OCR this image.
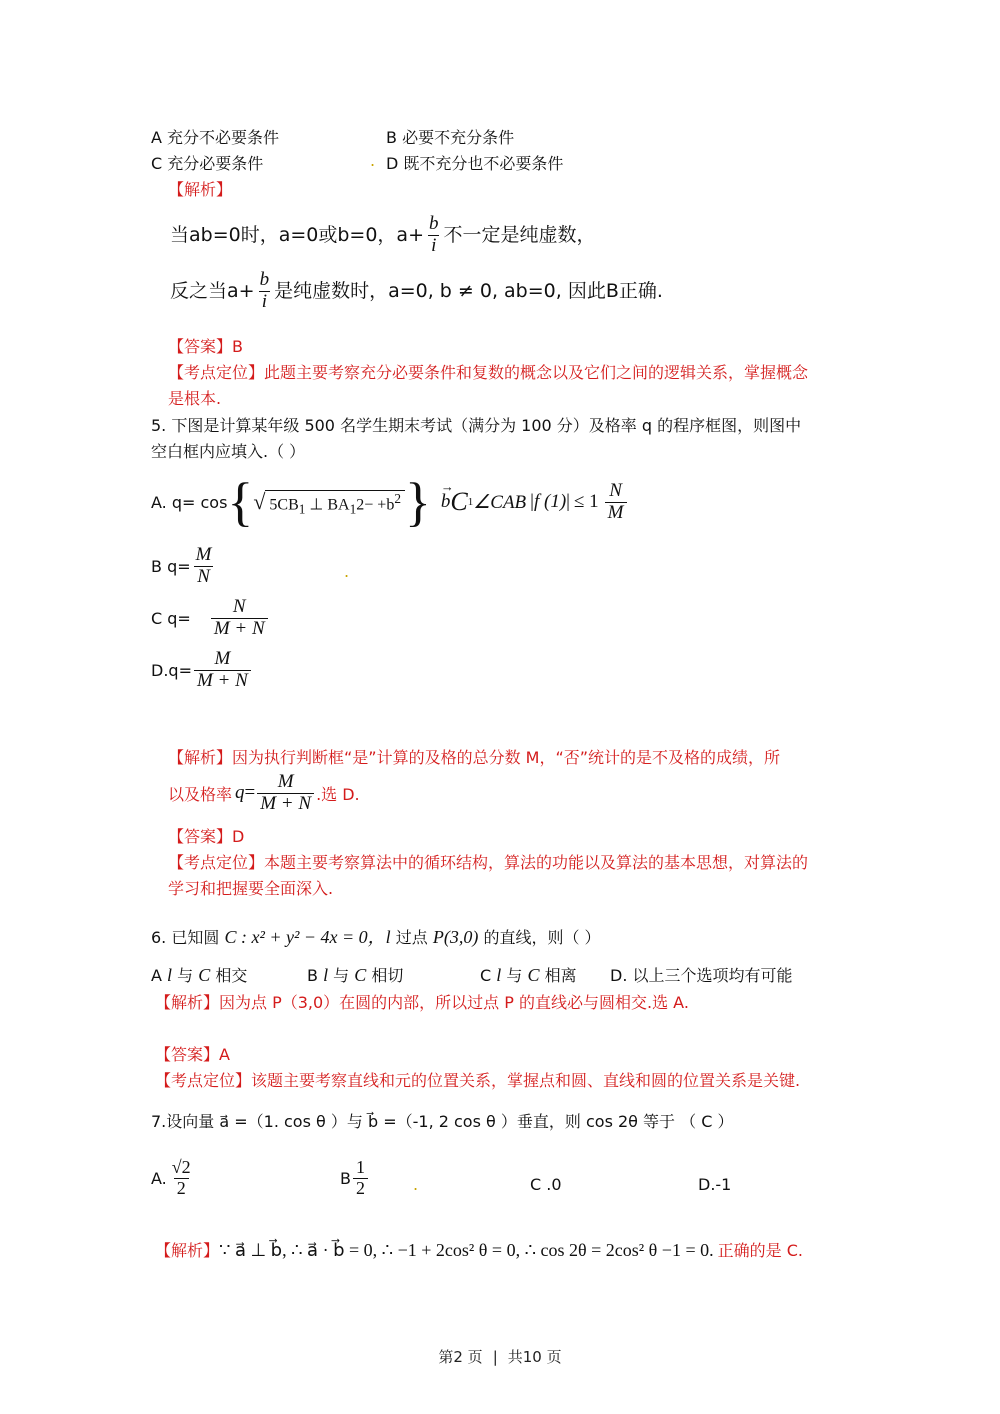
A 充分不必要条件	B 必要不充分条件
C 充分必要条件	. D 既不充分也不必要条件
【解析】
当ab=0时，a=0或b=0，$a+ \frac{b}{i}$ 不一定是纯虚数，
反之当$a+ \frac{b}{i}$ 是纯虚数时，a=0, b ≠ 0, ab=0, 因此B正确.
【答案】B
【考点定位】此题主要考察充分必要条件和复数的概念以及它们之间的逻辑关系，掌握概念
是根本.
5. 下图是计算某年级 500 名学生期末考试（满分为 100 分）及格率 q 的程序框图，则图中
空白框内应填入.（ ）
A. q= cos { √ $5CB_1$ ⊥ $BA_12- +b^2$ } →
b C 1 ∠CAB |f $(1)| \le 1 \frac{N}{M}$
B $q= \frac{M}{N}$	.
C $q= \frac{N}{M + N}$
$D.q= \frac{M}{M + N}$
【解析】因为执行判断框“是”计算的及格的总分数 M，“否”统计的是不及格的成绩，所
以及格率 $q = \frac{M}{M + N}$ .选 D.
【答案】D
【考点定位】本题主要考察算法中的循环结构，算法的功能以及算法的基本思想，对算法的
学习和把握要全面深入.
6. 已知圆 C : x² + y² − 4x = 0，l 过点 P(3,0) 的直线，则（ ）
A l 与 C 相交	B l 与 C 相切	C l 与 C 相离 D. 以上三个选项均有可能
【解析】因为点 P（3,0）在圆的内部，所以过点 P 的直线必与圆相交.选 A.
【答案】A
【考点定位】该题主要考察直线和元的位置关系，掌握点和圆、直线和圆的位置关系是关键.
7.设向量 a⃗ =（1. cos θ ）与 b⃗ =（-1, 2 cos θ ）垂直，则 cos 2θ 等于 （ C ）
A. $\frac{√2}{2}$	B $\frac{1}{2}$	.	C .0	D.-1
【解析】∵ a⃗ ⊥ b⃗, ∴ a⃗ · b⃗ = 0, ∴ −1 + 2cos² θ = 0, ∴ cos 2θ = 2cos² θ −1 = 0. 正确的是 C.
第2 页 | 共10 页
